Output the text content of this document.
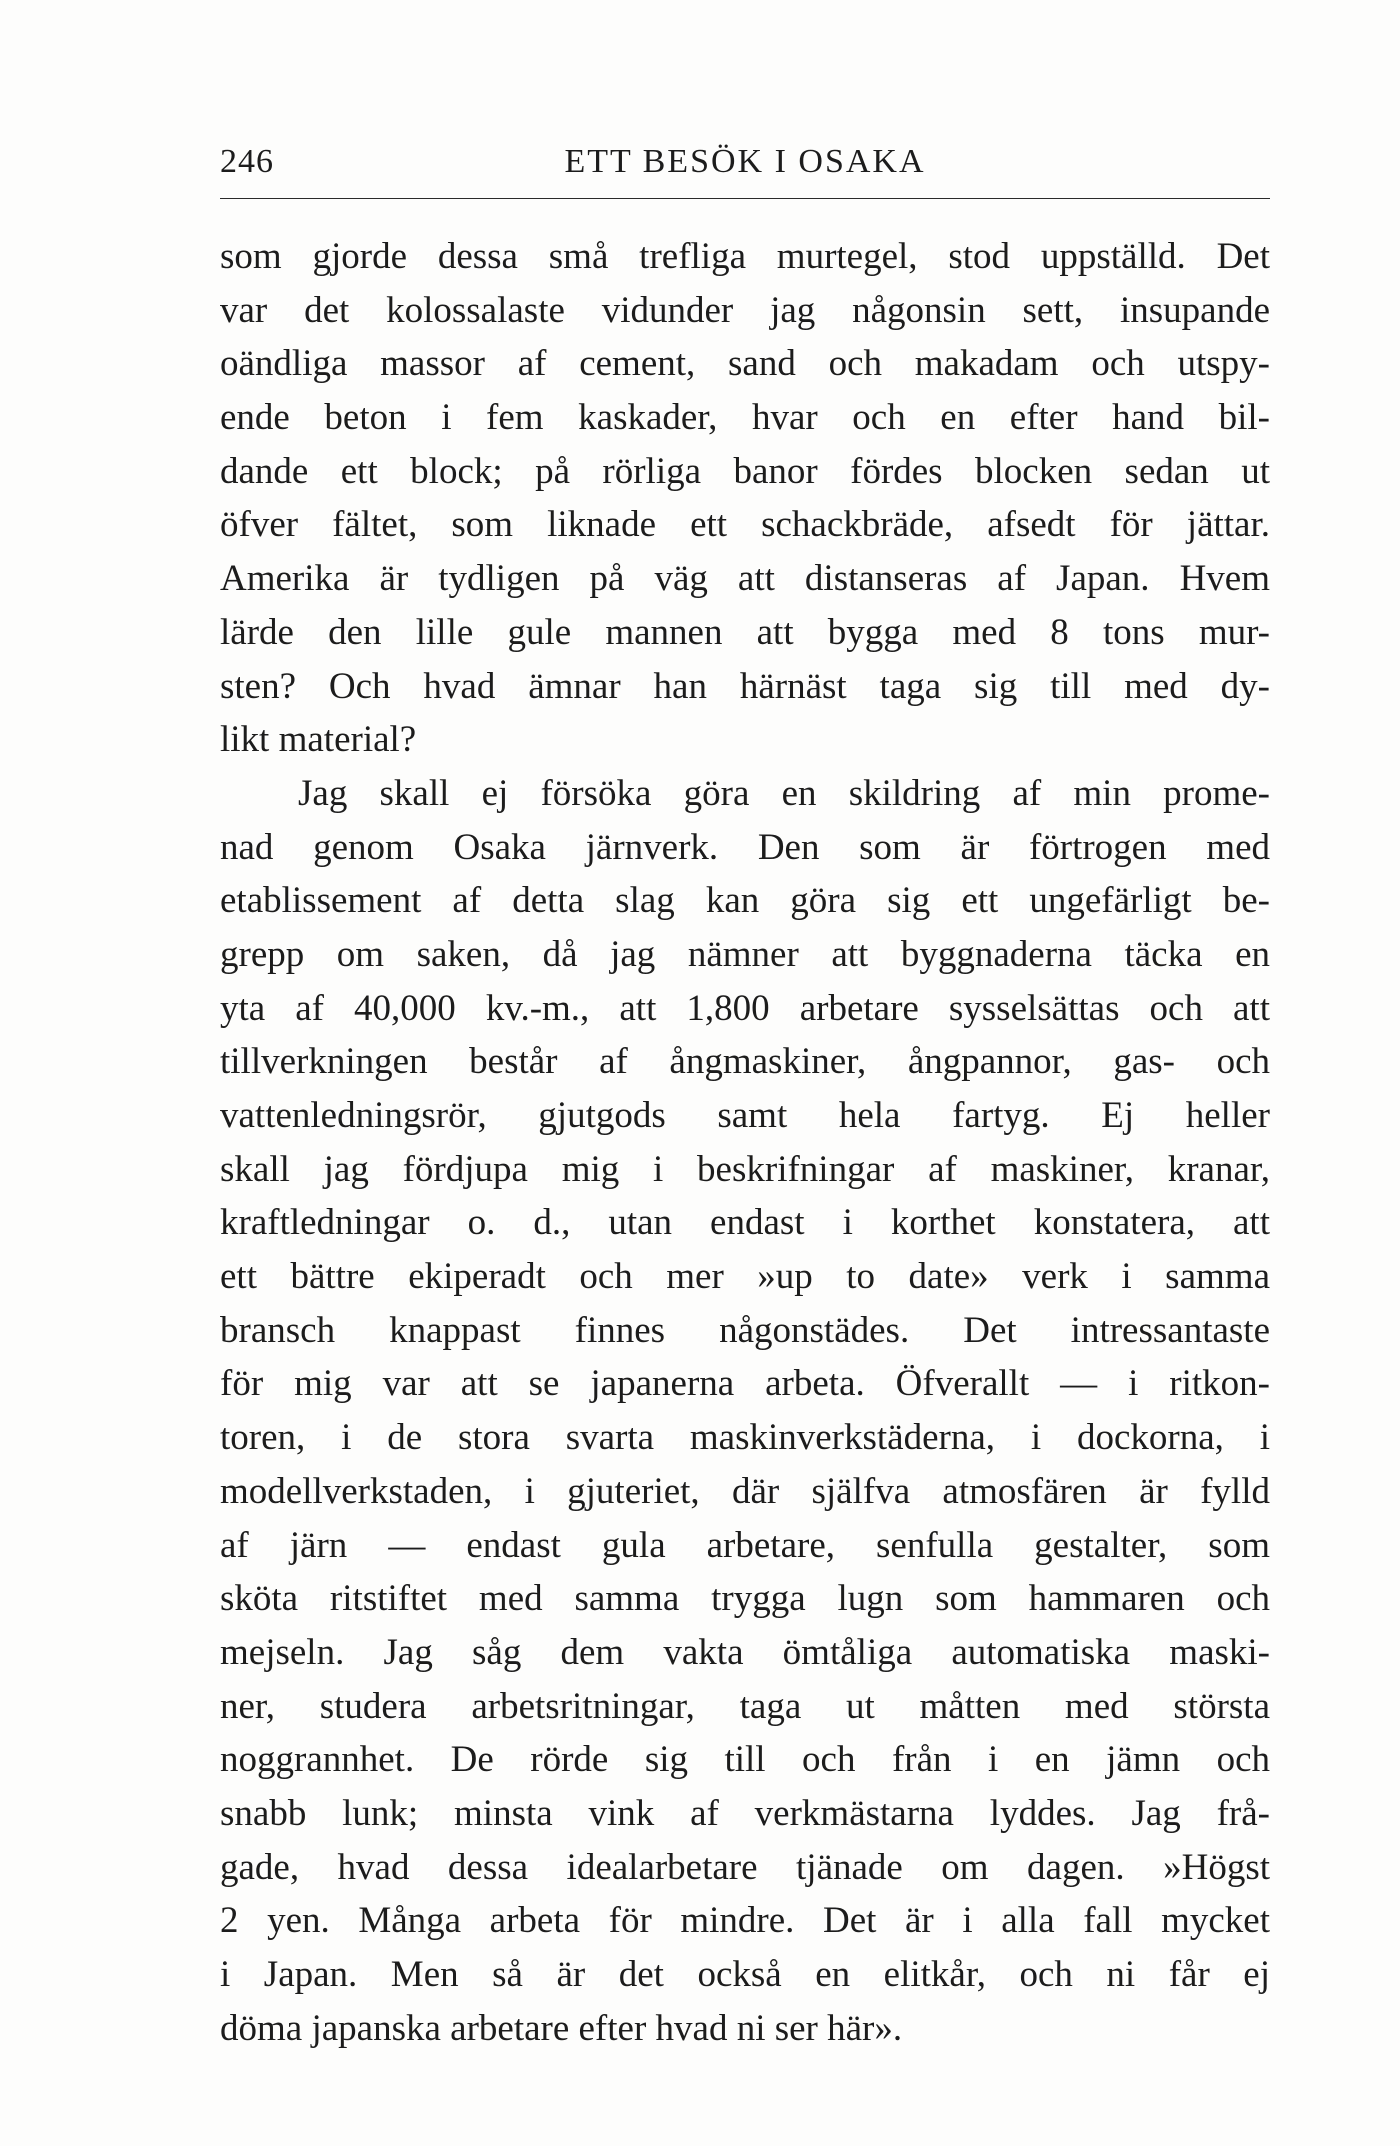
246	ETT BESÖK I OSAKA
som gjorde dessa små trefliga murtegel, stod uppställd. Det
var det kolossalaste vidunder jag någonsin sett, insupande
oändliga massor af cement, sand och makadam och utspy-
ende beton i fem kaskader, hvar och en efter hand bil-
dande ett block; på rörliga banor fördes blocken sedan ut
öfver fältet, som liknade ett schackbräde, afsedt för jättar.
Amerika är tydligen på väg att distanseras af Japan. Hvem
lärde den lille gule mannen att bygga med 8 tons mur-
sten? Och hvad ämnar han härnäst taga sig till med dy-
likt material?
Jag skall ej försöka göra en skildring af min prome-
nad genom Osaka järnverk. Den som är förtrogen med
etablissement af detta slag kan göra sig ett ungefärligt be-
grepp om saken, då jag nämner att byggnaderna täcka en
yta af 40,000 kv.-m., att 1,800 arbetare sysselsättas och att
tillverkningen består af ångmaskiner, ångpannor, gas- och
vattenledningsrör, gjutgods samt hela fartyg. Ej heller
skall jag fördjupa mig i beskrifningar af maskiner, kranar,
kraftledningar o. d., utan endast i korthet konstatera, att
ett bättre ekiperadt och mer »up to date» verk i samma
bransch knappast finnes någonstädes. Det intressantaste
för mig var att se japanerna arbeta. Öfverallt — i ritkon-
toren, i de stora svarta maskinverkstäderna, i dockorna, i
modellverkstaden, i gjuteriet, där själfva atmosfären är fylld
af järn — endast gula arbetare, senfulla gestalter, som
sköta ritstiftet med samma trygga lugn som hammaren och
mejseln. Jag såg dem vakta ömtåliga automatiska maski-
ner, studera arbetsritningar, taga ut måtten med största
noggrannhet. De rörde sig till och från i en jämn och
snabb lunk; minsta vink af verkmästarna lyddes. Jag frå-
gade, hvad dessa idealarbetare tjänade om dagen. »Högst
2 yen. Många arbeta för mindre. Det är i alla fall mycket
i Japan. Men så är det också en elitkår, och ni får ej
döma japanska arbetare efter hvad ni ser här».
